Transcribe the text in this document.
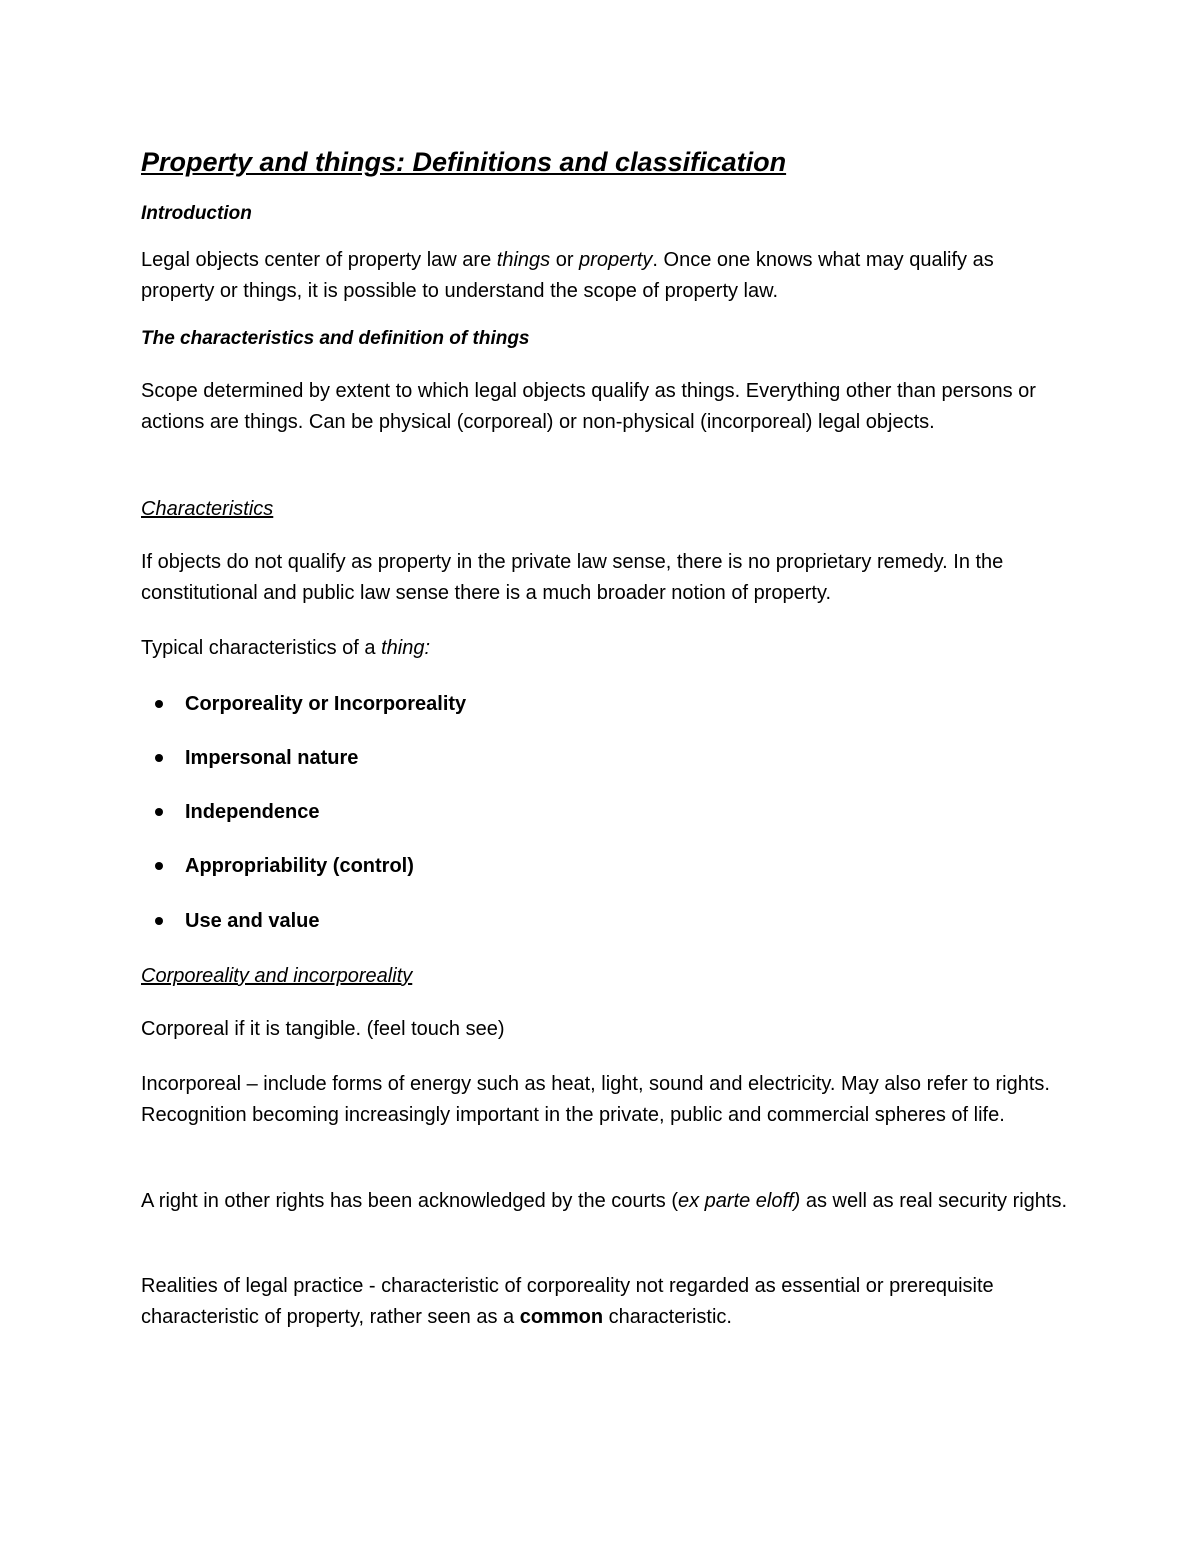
Property and things: Definitions and classification
Introduction

Legal objects center of property law are things or property. Once one knows what may qualify as property or things, it is possible to understand the scope of property law.

The characteristics and definition of things

Scope determined by extent to which legal objects qualify as things. Everything other than persons or actions are things. Can be physical (corporeal) or non-physical (incorporeal) legal objects.

Characteristics

If objects do not qualify as property in the private law sense, there is no proprietary remedy. In the constitutional and public law sense there is a much broader notion of property.

Typical characteristics of a thing:

Corporeality or Incorporeality
Impersonal nature
Independence
Appropriability (control)
Use and value
Corporeality and incorporeality

Corporeal if it is tangible. (feel touch see)

Incorporeal – include forms of energy such as heat, light, sound and electricity. May also refer to rights. Recognition becoming increasingly important in the private, public and commercial spheres of life.

A right in other rights has been acknowledged by the courts (ex parte eloff) as well as real security rights.

Realities of legal practice - characteristic of corporeality not regarded as essential or prerequisite characteristic of property, rather seen as a common characteristic.
